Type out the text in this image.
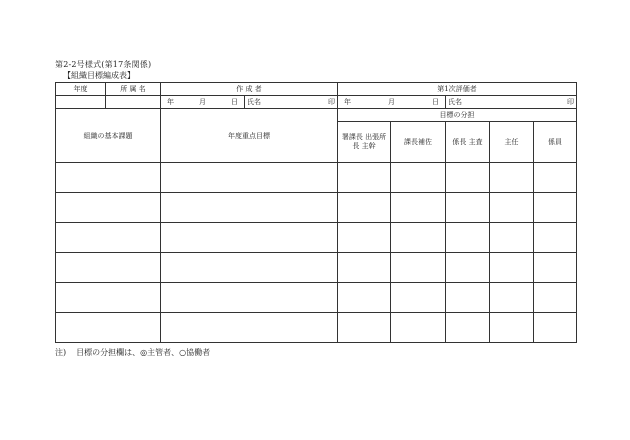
第2-2号様式(第17条関係)
【組織目標編成表】
年度	所 属 名	作 成 者		第1次評価者				

		年 月 日	氏名 印	年 月 日		氏名 印		

組織の基本課題		年度重点目標		目標の分担				
				署課長 出張所長 主幹	課長補佐	係長 主査	主任	係員

注) 目標の分担欄は、◎主管者、○協働者
